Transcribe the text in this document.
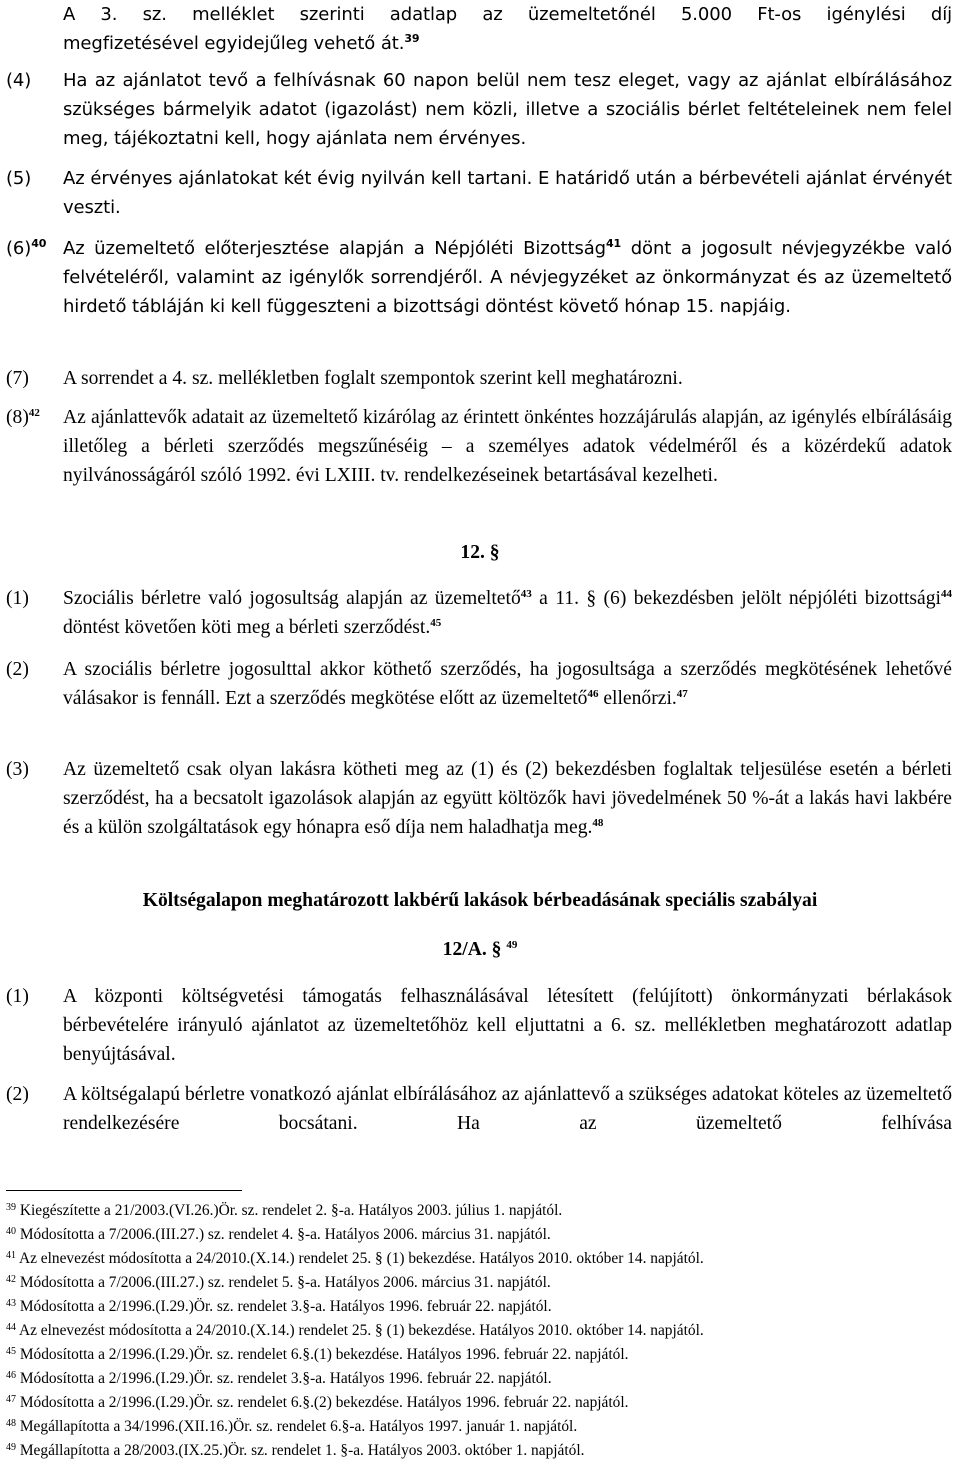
A 3. sz. melléklet szerinti adatlap az üzemeltetőnél 5.000 Ft-os igénylési díj
megfizetésével egyidejűleg vehető át.$^{39}$
(4) Ha az ajánlatot tevő a felhívásnak 60 napon belül nem tesz eleget, vagy az ajánlat elbírálásához szükséges bármelyik adatot (igazolást) nem közli, illetve a szociális bérlet feltételeinek nem felel meg, tájékoztatni kell, hogy ajánlata nem érvényes.
(5) Az érvényes ajánlatokat két évig nyilván kell tartani. E határidő után a bérbevételi ajánlat érvényét veszti.
$(6)^{40}$ Az üzemeltető előterjesztése alapján a Népjóléti Bizottság$^{41}$ dönt a jogosult névjegyzékbe való felvételéről, valamint az igénylők sorrendjéről. A névjegyzéket az önkormányzat és az üzemeltető hirdető tábláján ki kell függeszteni a bizottsági döntést követő hónap 15. napjáig.
(7) A sorrendet a 4. sz. mellékletben foglalt szempontok szerint kell meghatározni.
$(8)^{42}$ Az ajánlattevők adatait az üzemeltető kizárólag az érintett önkéntes hozzájárulás alapján, az igénylés elbírálásáig illetőleg a bérleti szerződés megszűnéséig – a személyes adatok védelméről és a közérdekű adatok nyilvánosságáról szóló 1992. évi LXIII. tv. rendelkezéseinek betartásával kezelheti.
12. §
(1) Szociális bérletre való jogosultság alapján az üzemeltető$^{43}$ a 11. § (6) bekezdésben jelölt népjóléti bizottsági$^{44}$ döntést követően köti meg a bérleti szerződést.$^{45}$
(2) A szociális bérletre jogosulttal akkor köthető szerződés, ha jogosultsága a szerződés megkötésének lehetővé válásakor is fennáll. Ezt a szerződés megkötése előtt az üzemeltető$^{46}$ ellenőrzi.$^{47}$
(3) Az üzemeltető csak olyan lakásra kötheti meg az (1) és (2) bekezdésben foglaltak teljesülése esetén a bérleti szerződést, ha a becsatolt igazolások alapján az együtt költözők havi jövedelmének 50 %-át a lakás havi lakbére és a külön szolgáltatások egy hónapra eső díja nem haladhatja meg.$^{48}$
Költségalapon meghatározott lakbérű lakások bérbeadásának speciális szabályai
12/A. § $^{49}$
(1) A központi költségvetési támogatás felhasználásával létesített (felújított) önkormányzati bérlakások bérbevételére irányuló ajánlatot az üzemeltetőhöz kell eljuttatni a 6. sz. mellékletben meghatározott adatlap benyújtásával.
(2) A költségalapú bérletre vonatkozó ajánlat elbírálásához az ajánlattevő a szükséges adatokat köteles az üzemeltető rendelkezésére bocsátani. Ha az üzemeltető felhívása
$^{39}$ Kiegészítette a 21/2003.(VI.26.)Ör. sz. rendelet 2. §-a. Hatályos 2003. július 1. napjától.
$^{40}$ Módosította a 7/2006.(III.27.) sz. rendelet 4. §-a. Hatályos 2006. március 31. napjától.
$^{41}$ Az elnevezést módosította a 24/2010.(X.14.) rendelet 25. § (1) bekezdése. Hatályos 2010. október 14. napjától.
$^{42}$ Módosította a 7/2006.(III.27.) sz. rendelet 5. §-a. Hatályos 2006. március 31. napjától.
$^{43}$ Módosította a 2/1996.(I.29.)Ör. sz. rendelet 3.§-a. Hatályos 1996. február 22. napjától.
$^{44}$ Az elnevezést módosította a 24/2010.(X.14.) rendelet 25. § (1) bekezdése. Hatályos 2010. október 14. napjától.
$^{45}$ Módosította a 2/1996.(I.29.)Ör. sz. rendelet 6.§.(1) bekezdése. Hatályos 1996. február 22. napjától.
$^{46}$ Módosította a 2/1996.(I.29.)Ör. sz. rendelet 3.§-a. Hatályos 1996. február 22. napjától.
$^{47}$ Módosította a 2/1996.(I.29.)Ör. sz. rendelet 6.§.(2) bekezdése. Hatályos 1996. február 22. napjától.
$^{48}$ Megállapította a 34/1996.(XII.16.)Ör. sz. rendelet 6.§-a. Hatályos 1997. január 1. napjától.
$^{49}$ Megállapította a 28/2003.(IX.25.)Ör. sz. rendelet 1. §-a. Hatályos 2003. október 1. napjától.
